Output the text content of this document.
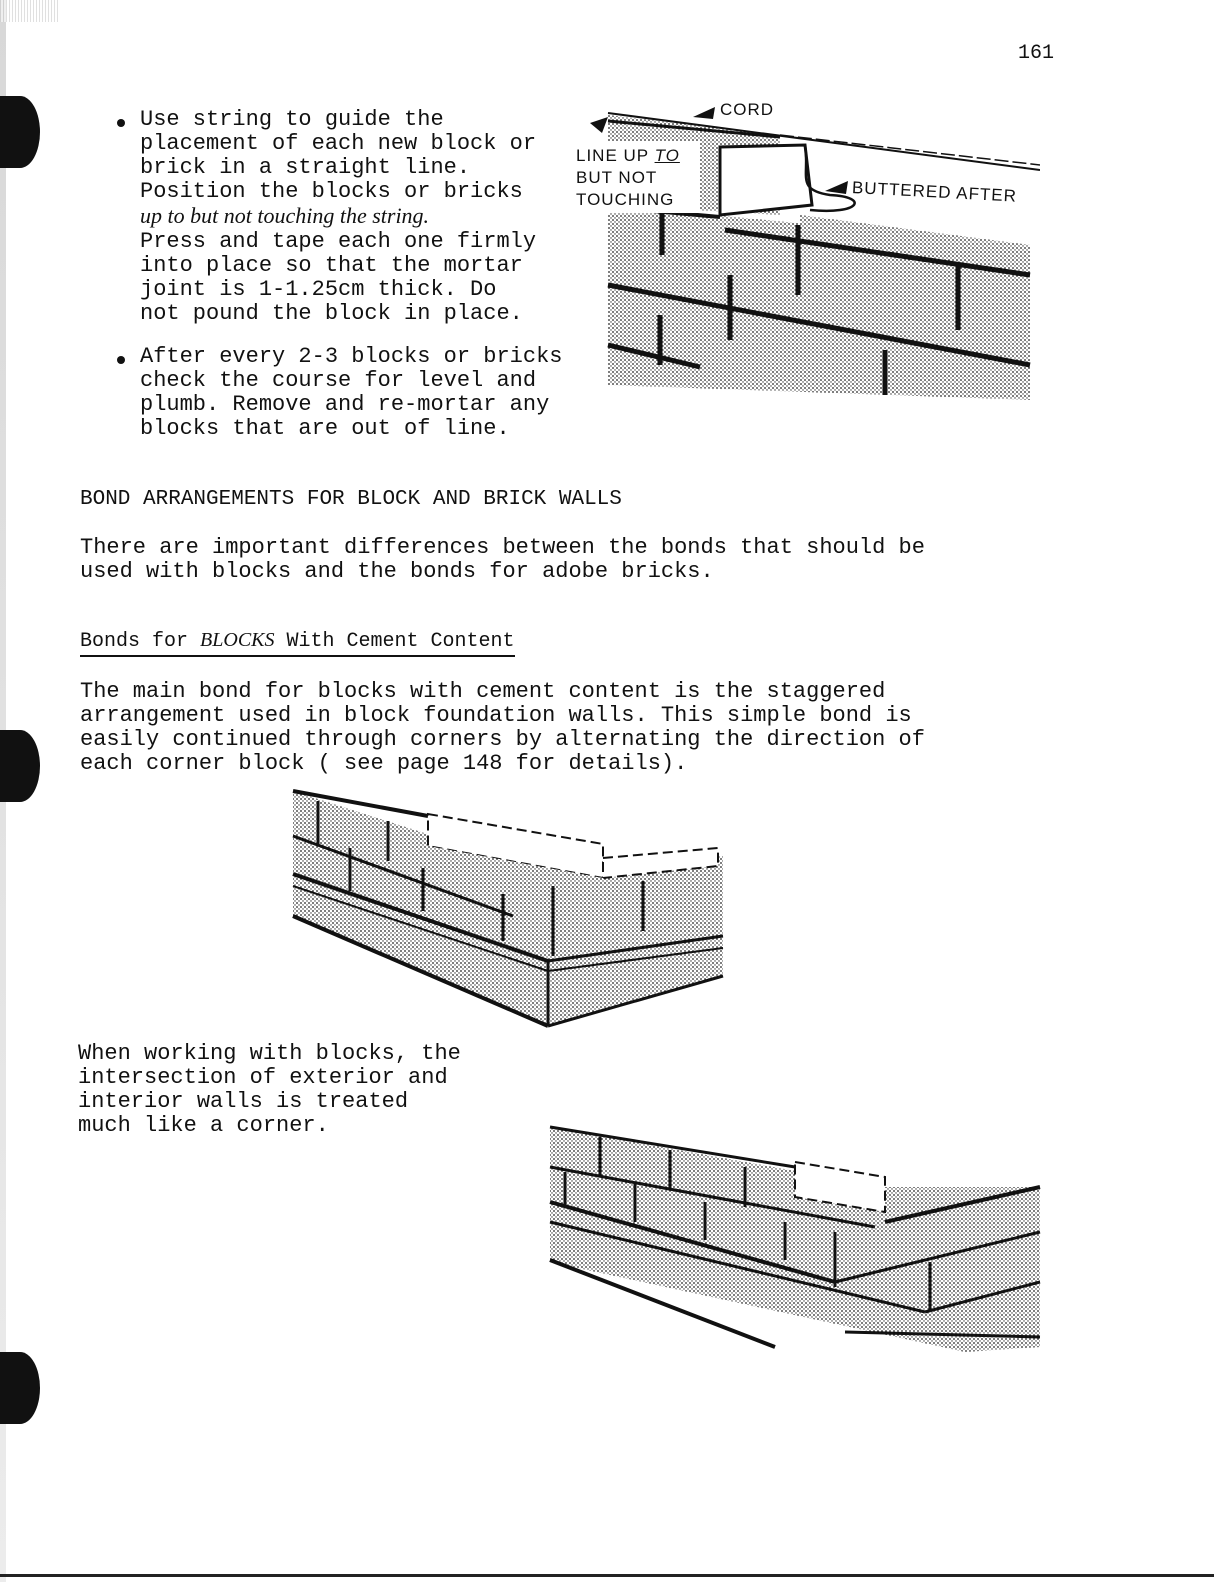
161
Use string to guide the
placement of each new block or
brick in a straight line.
Position the blocks or bricks
up to but not touching the string.
Press and tape each one firmly
into place so that the mortar
joint is 1-1.25cm thick. Do
not pound the block in place.
After every 2-3 blocks or bricks
check the course for level and
plumb. Remove and re-mortar any
blocks that are out of line.
CORD
LINE UP TO
BUT NOT
TOUCHING	BUTTERED AFTER
BOND ARRANGEMENTS FOR BLOCK AND BRICK WALLS
There are important differences between the bonds that should be
used with blocks and the bonds for adobe bricks.
Bonds for BLOCKS With Cement Content
The main bond for blocks with cement content is the staggered
arrangement used in block foundation walls. This simple bond is
easily continued through corners by alternating the direction of
each corner block ( see page 148 for details).
When working with blocks, the
intersection of exterior and
interior walls is treated
much like a corner.
